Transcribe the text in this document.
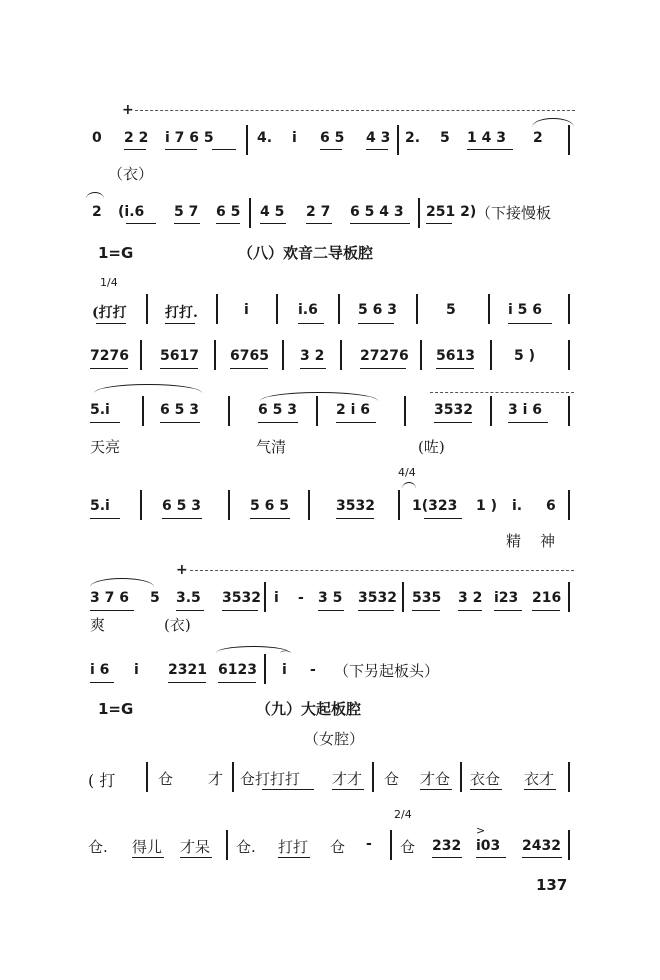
+
0 2 2 i 7 6 5	4. i 6 5 4 3 2. 5 1 4 3 2
（衣）
2 (i.6 5 7 6 5 4 5 2 7 6 5 4 3 251 2) （下接慢板
1=G	（八）欢音二导板腔
1/4
(打打	打打.	i	i.6	5 6 3	5	i 5 6
7276 5617 6765 3 2	27276 5613	5 )
5.i	6 5 3	6 5 3	2 i 6	3532	3 i 6
天亮	气清	(咗)
4/4
5.i	6 5 3	5 6 5	3532	1(323 1 ) i. 6
精 神
+
3 7 6 5 3.5 3532 i - 3 5 3532 535 3 2 i23 216
爽	(衣)
⌒
i 6 i 2321 6123 i - （下另起板头）
1=G	（九）大起板腔
（女腔）
( 打	仓 才 仓打打打 才才 仓 才仓 衣仓 衣才
2/4
>
仓. 得儿 才呆 仓. 打打 仓 - 仓 232 i03 2432
137
